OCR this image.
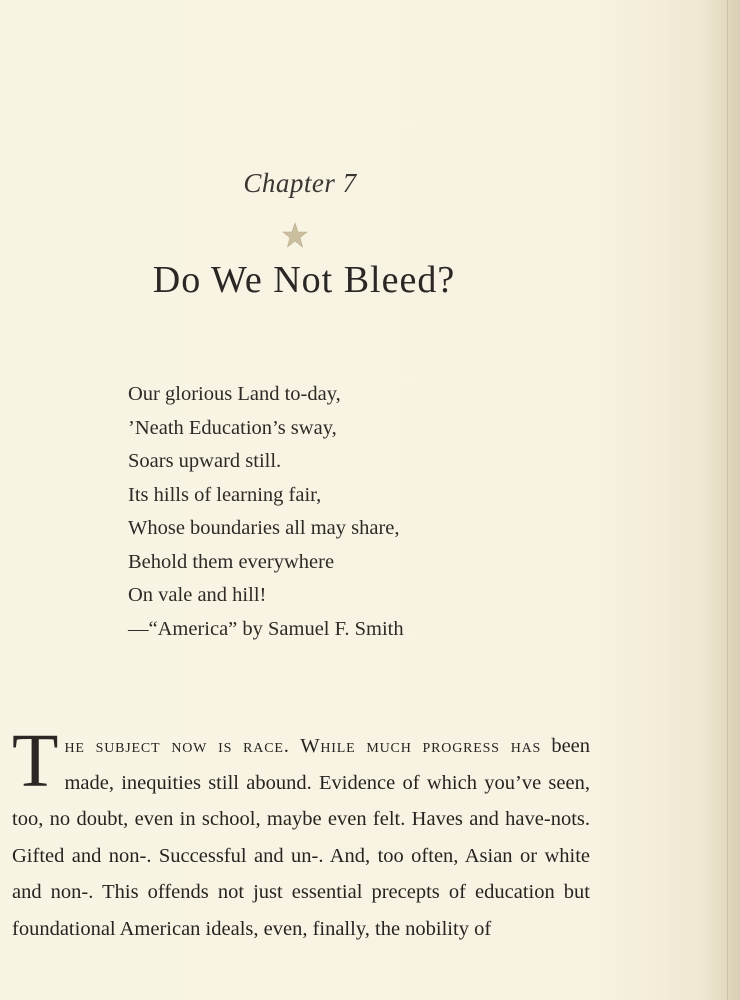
Chapter 7
Do We Not Bleed?
Our glorious Land to-day,
’Neath Education’s sway,
Soars upward still.
Its hills of learning fair,
Whose boundaries all may share,
Behold them everywhere
On vale and hill!
—“America” by Samuel F. Smith
The subject now is race. While much progress has been made, inequities still abound. Evidence of which you’ve seen, too, no doubt, even in school, maybe even felt. Haves and have-nots. Gifted and non-. Successful and un-. And, too often, Asian or white and non-. This offends not just essential precepts of education but foundational American ideals, even, finally, the nobility of
